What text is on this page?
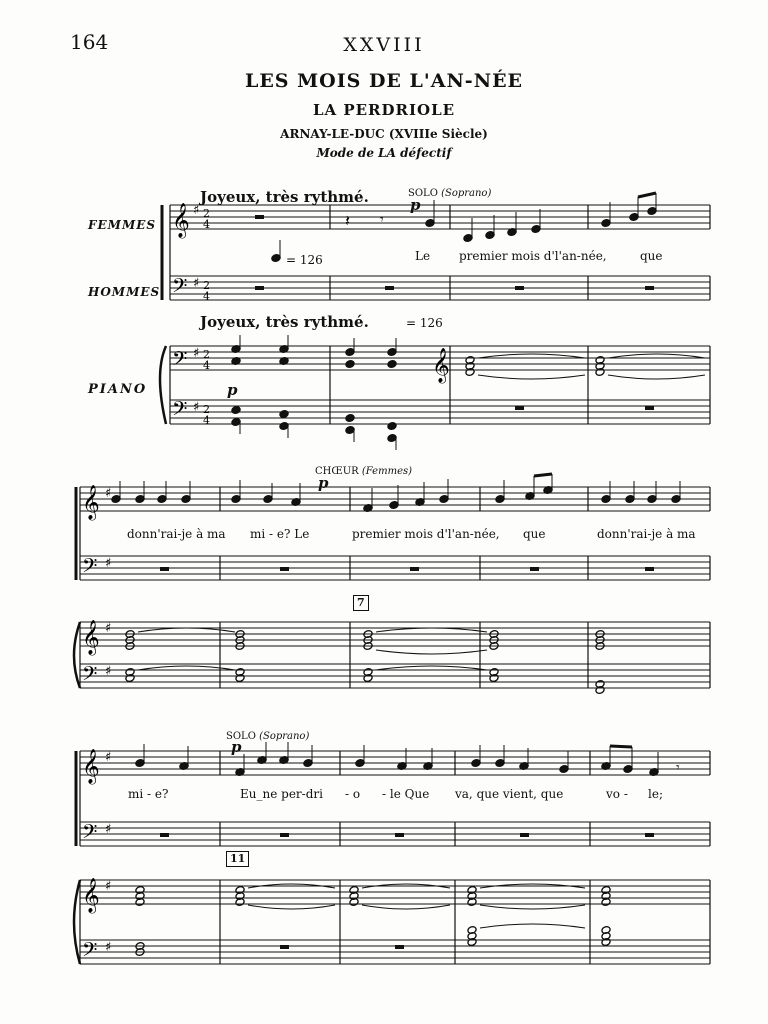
164	XXVIII
LES MOIS DE L'AN-NÉE
LA PERDRIOLE
ARNAY-LE-DUC (XVIIIe Siècle)
Mode de LA défectif
FEMMES
HOMMES
PIANO
Joyeux, très rythmé.
= 126
Joyeux, très rythmé.	= 126
SOLO (Soprano)
p
p
CHŒUR (Femmes)
p
SOLO (Soprano)
p
7
11
Le premier mois d'l'an-née,	que
donn'rai-je à ma mi - e? Le	premier mois d'l'an-née, que	donn'rai-je à ma
mi - e?	Eu_ne per-dri - o - le Que va, que vient, que	vo - le;
𝄞
𝄢
𝄢
𝄢
♯
♯
♯
♯
2
4
2
4
2
4
2
4
𝄽 𝄾
𝄞
𝄞
𝄢
𝄞
𝄢
♯
♯
♯
♯
𝄞
𝄢
𝄞
𝄢
♯
♯
♯
♯
𝄾
